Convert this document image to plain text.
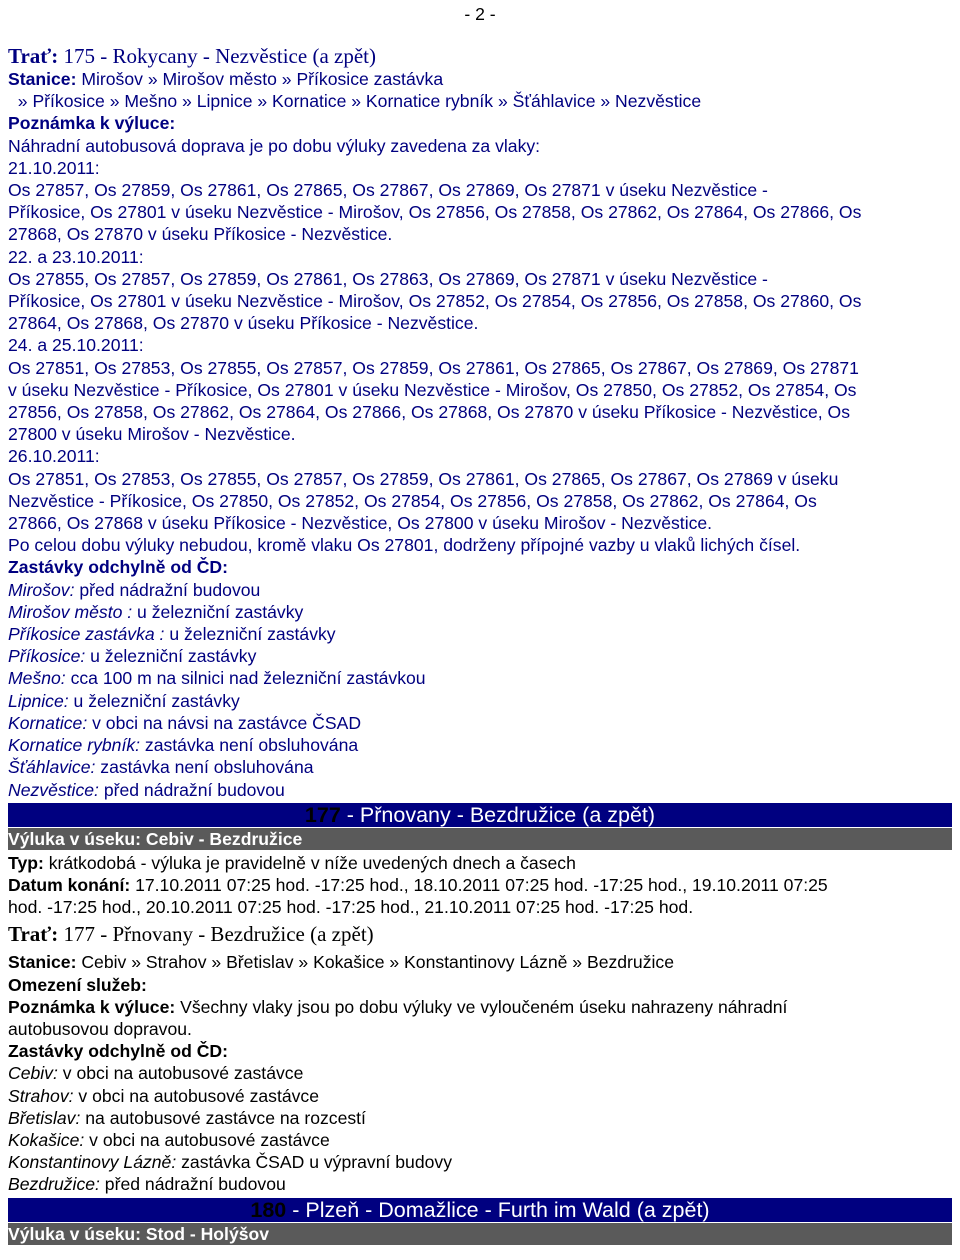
- 2 -

Trať: 175 - Rokycany - Nezvěstice (a zpět)

Stanice: Mirošov » Mirošov město » Příkosice zastávka

» Příkosice » Mešno » Lipnice » Kornatice » Kornatice rybník » Šťáhlavice » Nezvěstice

Poznámka k výluce:

Náhradní autobusová doprava je po dobu výluky zavedena za vlaky:

21.10.2011:

Os 27857, Os 27859, Os 27861, Os 27865, Os 27867, Os 27869, Os 27871 v úseku Nezvěstice -

Příkosice, Os 27801 v úseku Nezvěstice - Mirošov, Os 27856, Os 27858, Os 27862, Os 27864, Os 27866, Os

27868, Os 27870 v úseku Příkosice - Nezvěstice.

22. a 23.10.2011:

Os 27855, Os 27857, Os 27859, Os 27861, Os 27863, Os 27869, Os 27871 v úseku Nezvěstice -

Příkosice, Os 27801 v úseku Nezvěstice - Mirošov, Os 27852, Os 27854, Os 27856, Os 27858, Os 27860, Os

27864, Os 27868, Os 27870 v úseku Příkosice - Nezvěstice.

24. a 25.10.2011:

Os 27851, Os 27853, Os 27855, Os 27857, Os 27859, Os 27861, Os 27865, Os 27867, Os 27869, Os 27871

v úseku Nezvěstice - Příkosice, Os 27801 v úseku Nezvěstice - Mirošov, Os 27850, Os 27852, Os 27854, Os

27856, Os 27858, Os 27862, Os 27864, Os 27866, Os 27868, Os 27870 v úseku Příkosice - Nezvěstice, Os

27800 v úseku Mirošov - Nezvěstice.

26.10.2011:

Os 27851, Os 27853, Os 27855, Os 27857, Os 27859, Os 27861, Os 27865, Os 27867, Os 27869 v úseku

Nezvěstice - Příkosice, Os 27850, Os 27852, Os 27854, Os 27856, Os 27858, Os 27862, Os 27864, Os

27866, Os 27868 v úseku Příkosice - Nezvěstice, Os 27800 v úseku Mirošov - Nezvěstice.

Po celou dobu výluky nebudou, kromě vlaku Os 27801, dodrženy přípojné vazby u vlaků lichých čísel.

Zastávky odchylně od ČD:

Mirošov: před nádražní budovou

Mirošov město : u železniční zastávky

Příkosice zastávka : u železniční zastávky

Příkosice: u železniční zastávky

Mešno: cca 100 m na silnici nad železniční zastávkou

Lipnice: u železniční zastávky

Kornatice: v obci na návsi na zastávce ČSAD

Kornatice rybník: zastávka není obsluhována

Šťáhlavice: zastávka není obsluhována

Nezvěstice: před nádražní budovou

177 - Přnovany - Bezdružice (a zpět)
Výluka v úseku: Cebiv - Bezdružice

Typ: krátkodobá - výluka je pravidelně v níže uvedených dnech a časech

Datum konání: 17.10.2011 07:25 hod. -17:25 hod., 18.10.2011 07:25 hod. -17:25 hod., 19.10.2011 07:25

hod. -17:25 hod., 20.10.2011 07:25 hod. -17:25 hod., 21.10.2011 07:25 hod. -17:25 hod.

Trať: 177 - Přnovany - Bezdružice (a zpět)

Stanice: Cebiv » Strahov » Břetislav » Kokašice » Konstantinovy Lázně » Bezdružice

Omezení služeb:

Poznámka k výluce: Všechny vlaky jsou po dobu výluky ve vyloučeném úseku nahrazeny náhradní

autobusovou dopravou.

Zastávky odchylně od ČD:

Cebiv: v obci na autobusové zastávce

Strahov: v obci na autobusové zastávce

Břetislav: na autobusové zastávce na rozcestí

Kokašice: v obci na autobusové zastávce

Konstantinovy Lázně: zastávka ČSAD u výpravní budovy

Bezdružice: před nádražní budovou

180 - Plzeň - Domažlice - Furth im Wald (a zpět)
Výluka v úseku: Stod - Holýšov
